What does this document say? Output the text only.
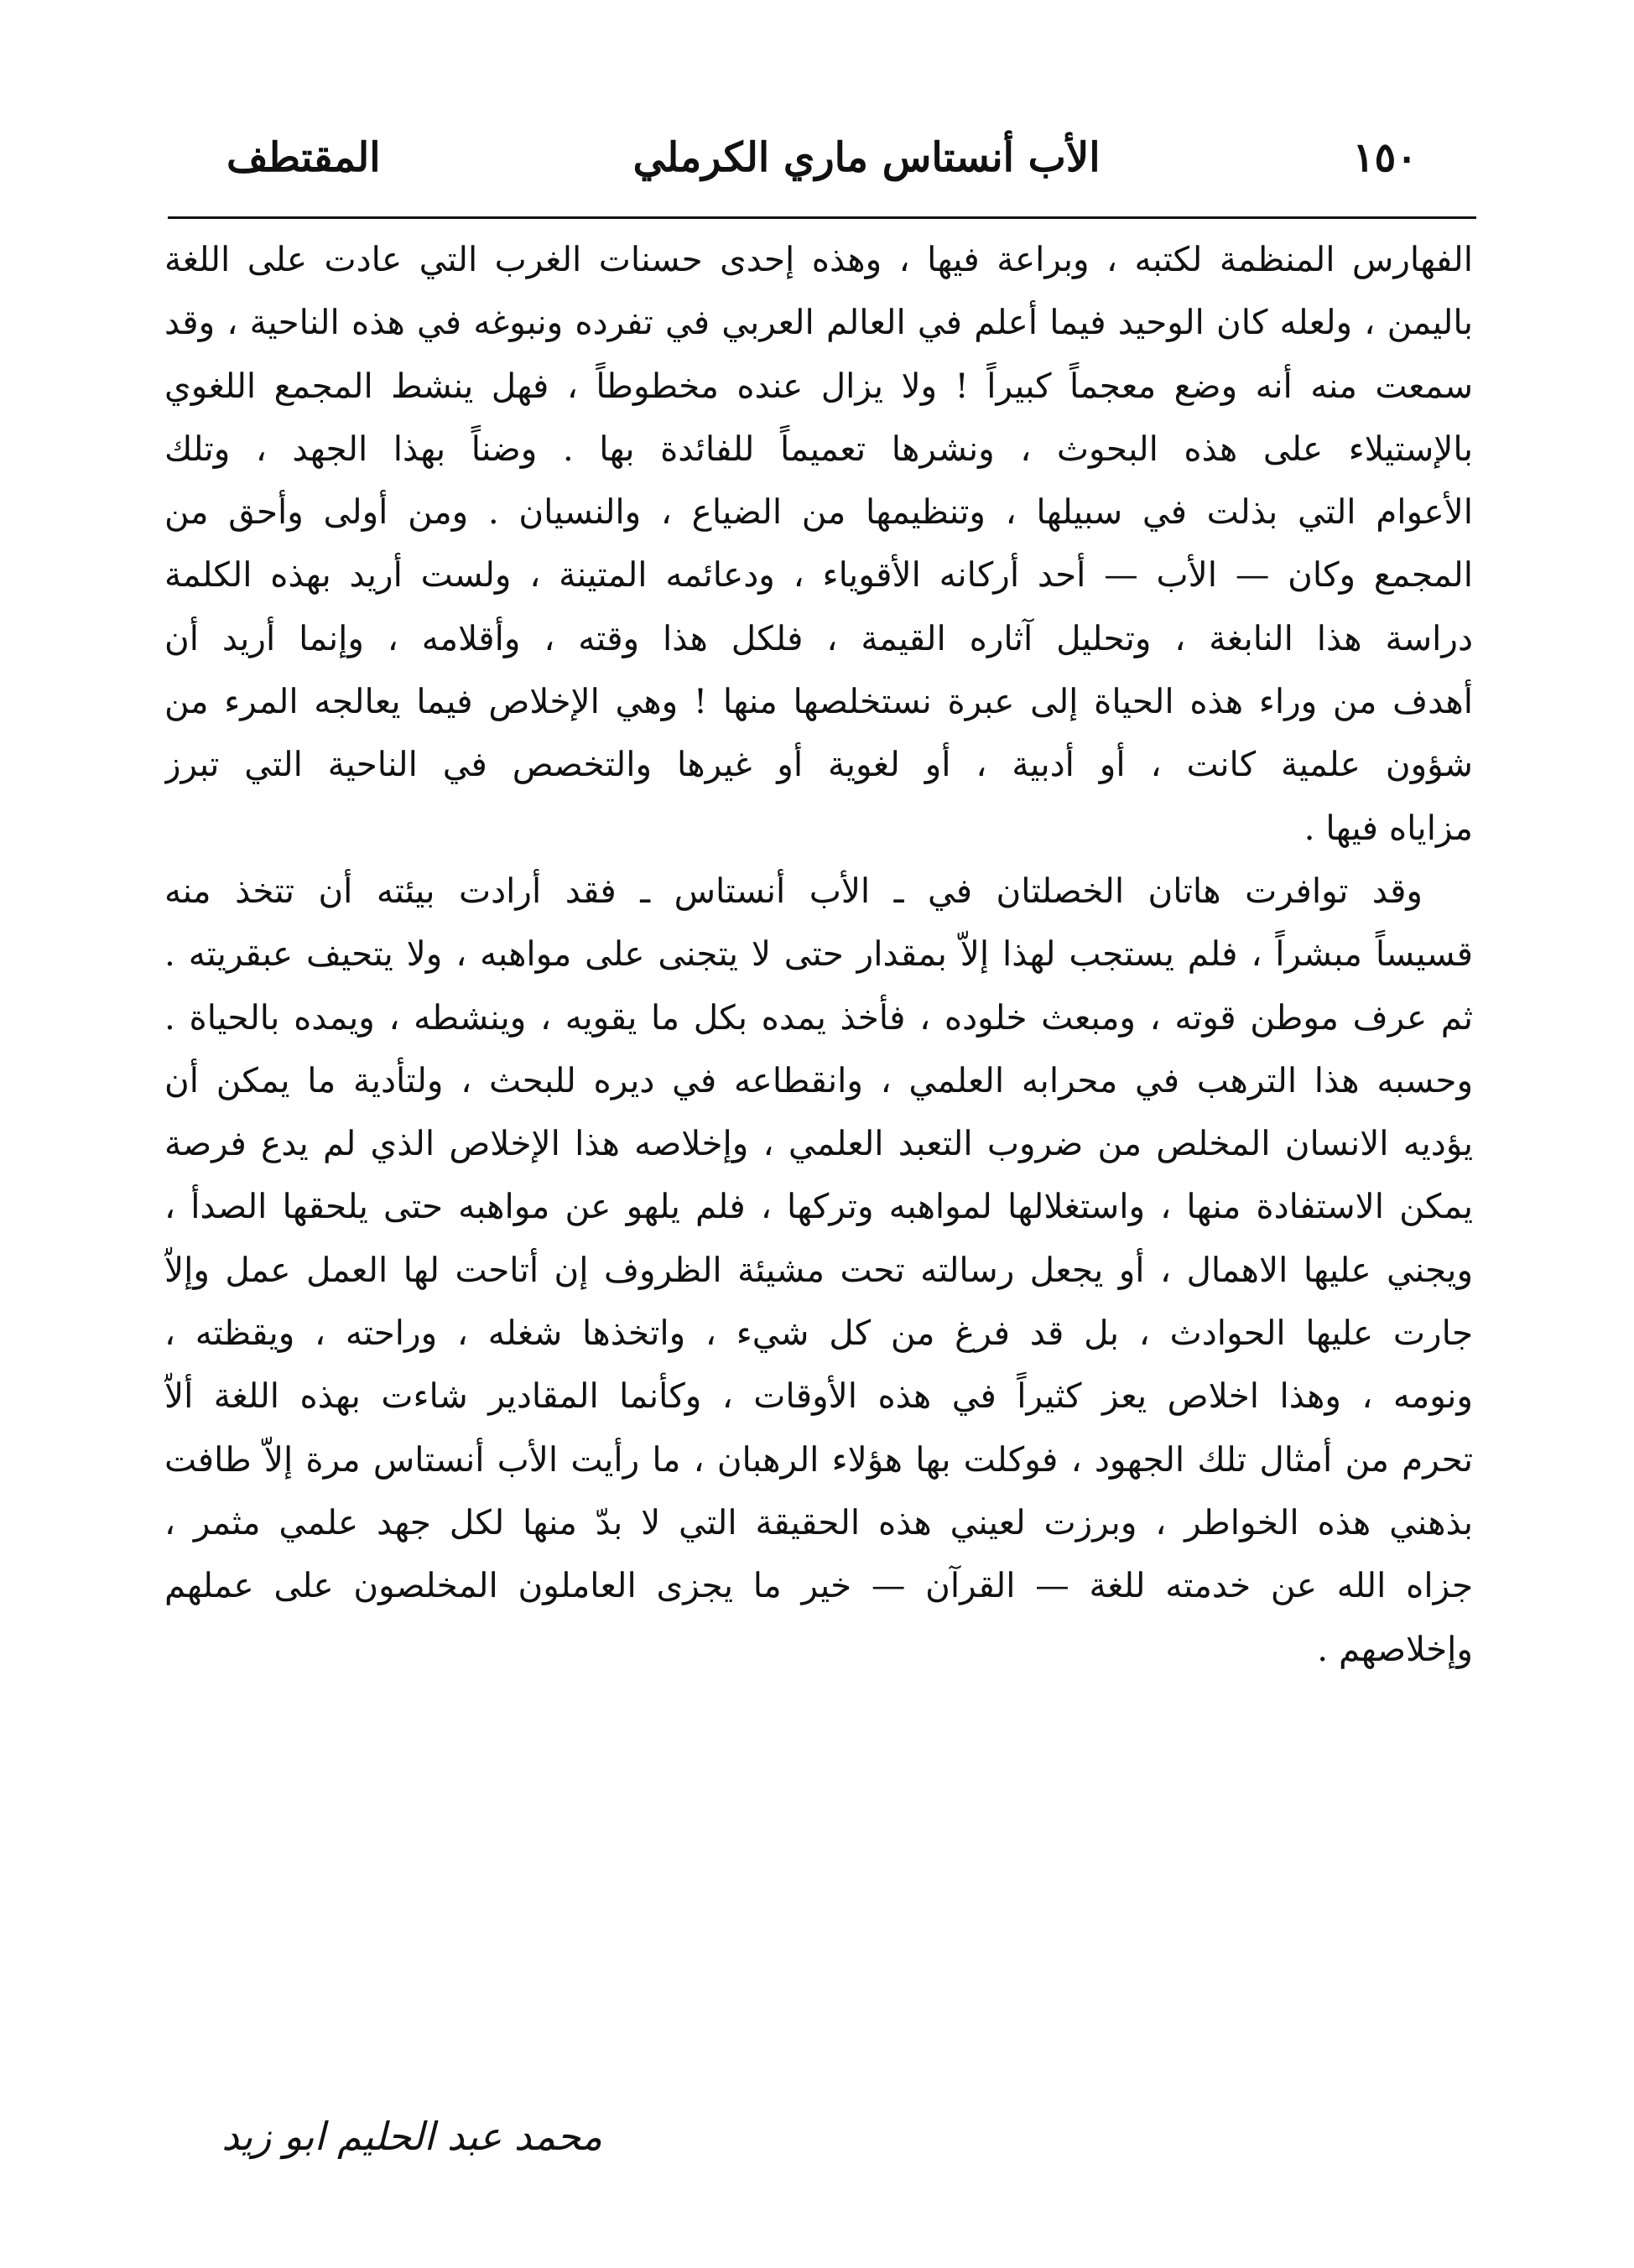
١٥٠
الأب أنستاس ماري الكرملي
المقتطف
الفهارس المنظمة لكتبه ، وبراعة فيها ، وهذه إحدى حسنات الغرب التي عادت على اللغة
باليمن ، ولعله كان الوحيد فيما أعلم في العالم العربي في تفرده ونبوغه في هذه الناحية ، وقد
سمعت منه أنه وضع معجماً كبيراً ! ولا يزال عنده مخطوطاً ، فهل ينشط المجمع اللغوي
بالإستيلاء على هذه البحوث ، ونشرها تعميماً للفائدة بها . وضناً بهذا الجهد ، وتلك
الأعوام التي بذلت في سبيلها ، وتنظيمها من الضياع ، والنسيان . ومن أولى وأحق من
المجمع وكان — الأب — أحد أركانه الأقوياء ، ودعائمه المتينة ، ولست أريد بهذه الكلمة
دراسة هذا النابغة ، وتحليل آثاره القيمة ، فلكل هذا وقته ، وأقلامه ، وإنما أريد أن
أهدف من وراء هذه الحياة إلى عبرة نستخلصها منها ! وهي الإخلاص فيما يعالجه المرء من
شؤون علمية كانت ، أو أدبية ، أو لغوية أو غيرها والتخصص في الناحية التي تبرز
مزاياه فيها .
وقد توافرت هاتان الخصلتان في ـ الأب أنستاس ـ فقد أرادت بيئته أن تتخذ منه
قسيساً مبشراً ، فلم يستجب لهذا إلاّ بمقدار حتى لا يتجنى على مواهبه ، ولا يتحيف عبقريته .
ثم عرف موطن قوته ، ومبعث خلوده ، فأخذ يمده بكل ما يقويه ، وينشطه ، ويمده بالحياة .
وحسبه هذا الترهب في محرابه العلمي ، وانقطاعه في ديره للبحث ، ولتأدية ما يمكن أن
يؤديه الانسان المخلص من ضروب التعبد العلمي ، وإخلاصه هذا الإخلاص الذي لم يدع فرصة
يمكن الاستفادة منها ، واستغلالها لمواهبه وتركها ، فلم يلهو عن مواهبه حتى يلحقها الصدأ ،
ويجني عليها الاهمال ، أو يجعل رسالته تحت مشيئة الظروف إن أتاحت لها العمل عمل وإلاّ
جارت عليها الحوادث ، بل قد فرغ من كل شيء ، واتخذها شغله ، وراحته ، ويقظته ،
ونومه ، وهذا اخلاص يعز كثيراً في هذه الأوقات ، وكأنما المقادير شاءت بهذه اللغة ألاّ
تحرم من أمثال تلك الجهود ، فوكلت بها هؤلاء الرهبان ، ما رأيت الأب أنستاس مرة إلاّ طافت
بذهني هذه الخواطر ، وبرزت لعيني هذه الحقيقة التي لا بدّ منها لكل جهد علمي مثمر ،
جزاه الله عن خدمته للغة — القرآن — خير ما يجزى العاملون المخلصون على عملهم
وإخلاصهم .
محمد عبد الحليم ابو زيد
